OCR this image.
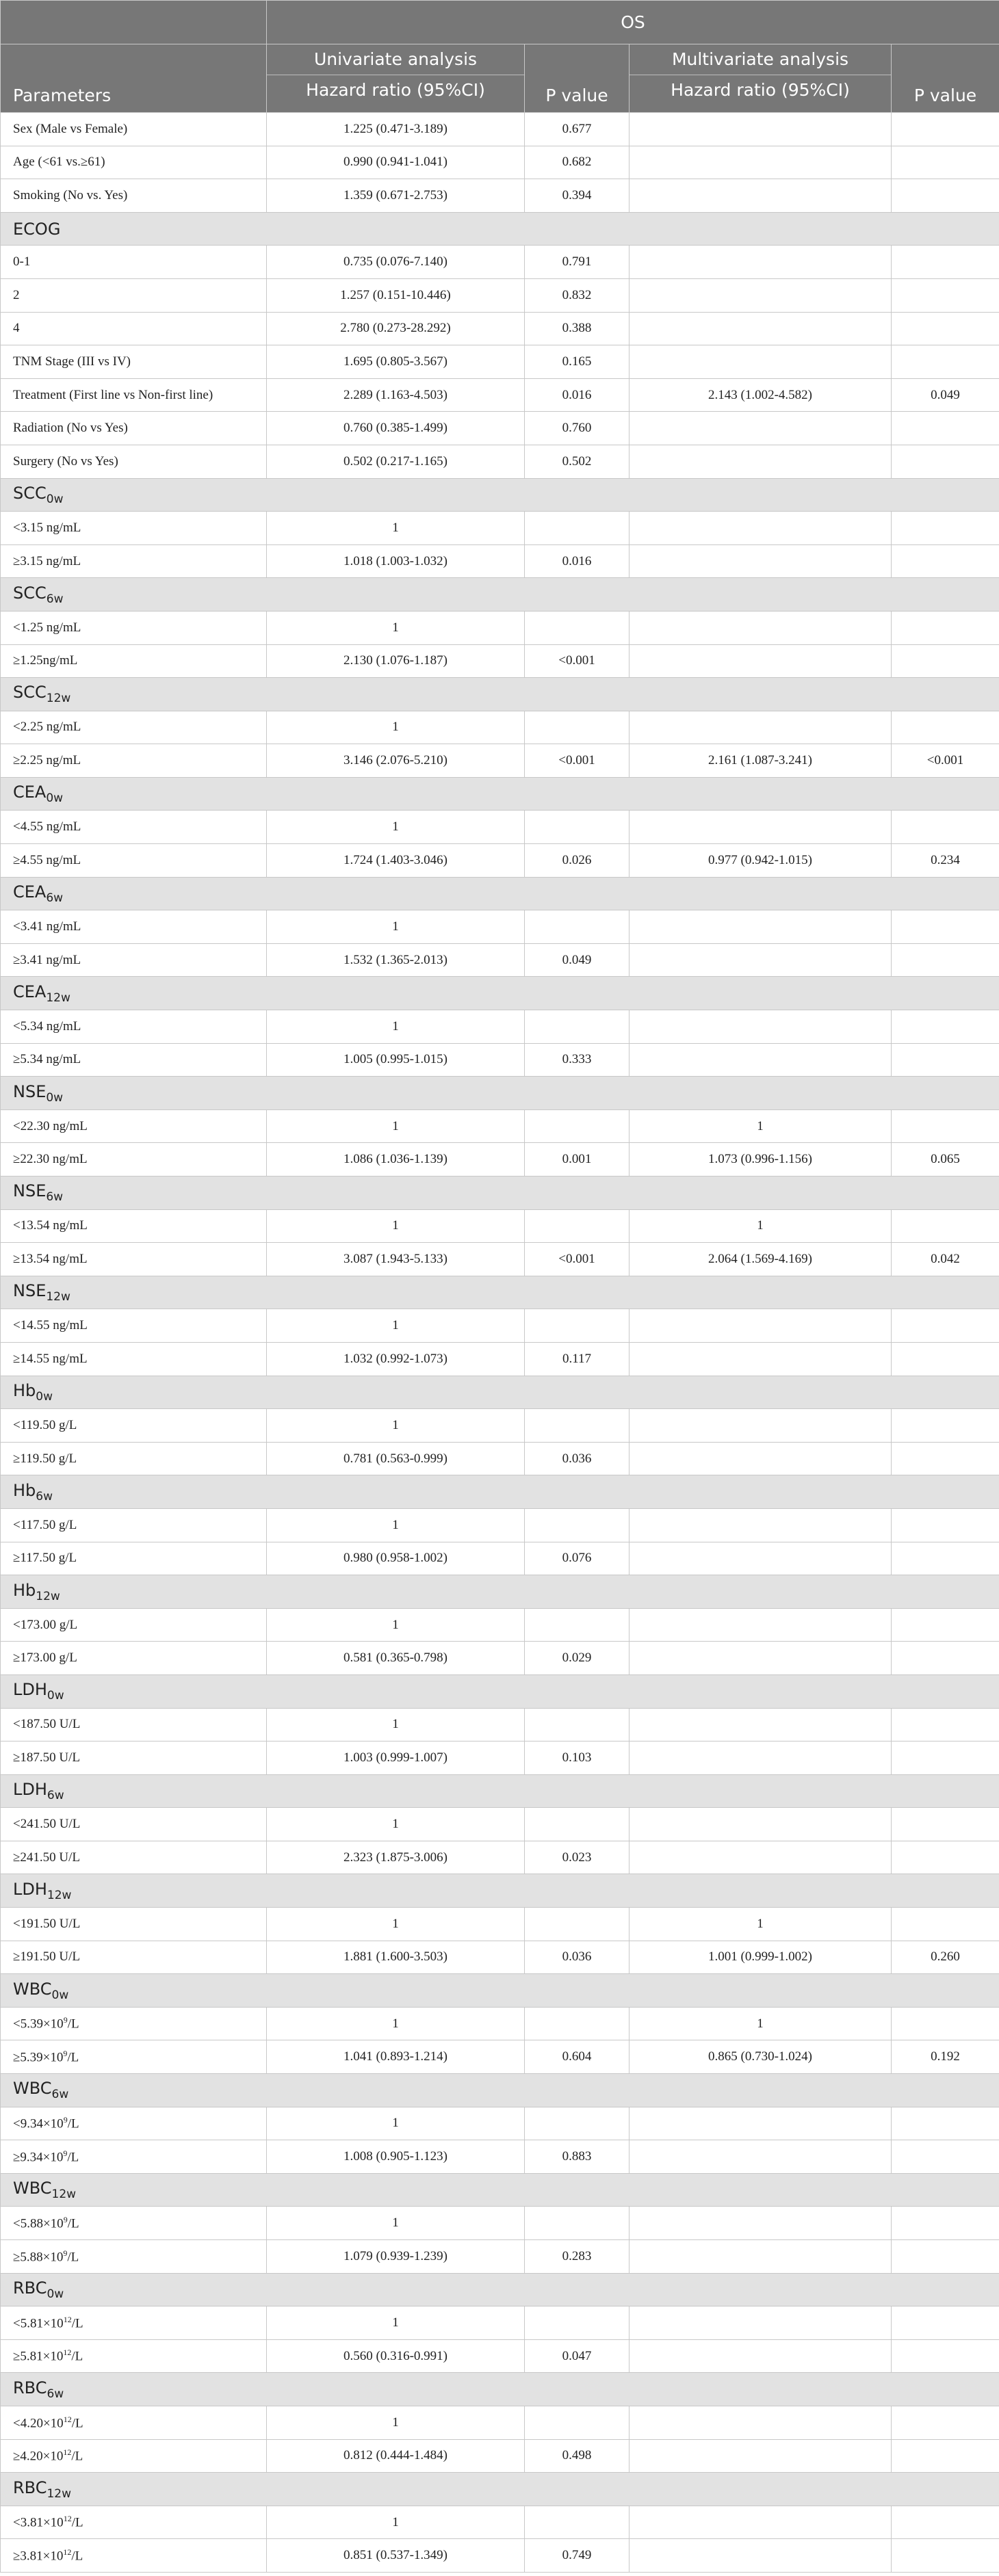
	OS			
Parameters	Univariate analysis
Hazard ratio (95%CI)	P value	Multivariate analysis
Hazard ratio (95%CI)	P value
Sex (Male vs Female)	1.225 (0.471-3.189)	0.677		
Age (<61 vs.≥61)	0.990 (0.941-1.041)	0.682		
Smoking (No vs. Yes)	1.359 (0.671-2.753)	0.394		
ECOG				
0-1	0.735 (0.076-7.140)	0.791		
2	1.257 (0.151-10.446)	0.832		
4	2.780 (0.273-28.292)	0.388		
TNM Stage (III vs IV)	1.695 (0.805-3.567)	0.165		
Treatment (First line vs Non-first line)	2.289 (1.163-4.503)	0.016	2.143 (1.002-4.582)	0.049
Radiation (No vs Yes)	0.760 (0.385-1.499)	0.760		
Surgery (No vs Yes)	0.502 (0.217-1.165)	0.502		
$SCC_{0w}$
<3.15 ng/mL	1			
≥3.15 ng/mL	1.018 (1.003-1.032)	0.016		
$SCC_{6w}$
<1.25 ng/mL	1			
≥1.25ng/mL	2.130 (1.076-1.187)	<0.001		
$SCC_{12w}$
<2.25 ng/mL	1			
≥2.25 ng/mL	3.146 (2.076-5.210)	<0.001	2.161 (1.087-3.241)	<0.001
$CEA_{0w}$
<4.55 ng/mL	1			
≥4.55 ng/mL	1.724 (1.403-3.046)	0.026	0.977 (0.942-1.015)	0.234
$CEA_{6w}$
<3.41 ng/mL	1			
≥3.41 ng/mL	1.532 (1.365-2.013)	0.049		
$CEA_{12w}$
<5.34 ng/mL	1			
≥5.34 ng/mL	1.005 (0.995-1.015)	0.333		
$NSE_{0w}$
<22.30 ng/mL	1		1	
≥22.30 ng/mL	1.086 (1.036-1.139)	0.001	1.073 (0.996-1.156)	0.065
$NSE_{6w}$
<13.54 ng/mL	1		1	
≥13.54 ng/mL	3.087 (1.943-5.133)	<0.001	2.064 (1.569-4.169)	0.042
$NSE_{12w}$
<14.55 ng/mL	1			
≥14.55 ng/mL	1.032 (0.992-1.073)	0.117		
$Hb_{0w}$
<119.50 g/L	1			
≥119.50 g/L	0.781 (0.563-0.999)	0.036		
$Hb_{6w}$
<117.50 g/L	1			
≥117.50 g/L	0.980 (0.958-1.002)	0.076		
$Hb_{12w}$
<173.00 g/L	1			
≥173.00 g/L	0.581 (0.365-0.798)	0.029		
$LDH_{0w}$
<187.50 U/L	1			
≥187.50 U/L	1.003 (0.999-1.007)	0.103		
$LDH_{6w}$
<241.50 U/L	1			
≥241.50 U/L	2.323 (1.875-3.006)	0.023		
$LDH_{12w}$
<191.50 U/L	1		1	
≥191.50 U/L	1.881 (1.600-3.503)	0.036	1.001 (0.999-1.002)	0.260
$WBC_{0w}$
$<5.39\times 10^9/L$	1		1	
$\ge 5.39\times 10^9/L$	1.041 (0.893-1.214)	0.604	0.865 (0.730-1.024)	0.192
$WBC_{6w}$
$<9.34\times 10^9/L$	1			
$\ge 9.34\times 10^9/L$	1.008 (0.905-1.123)	0.883		
$WBC_{12w}$
$<5.88\times 10^9/L$	1			
$\ge 5.88\times 10^9/L$	1.079 (0.939-1.239)	0.283		
$RBC_{0w}$
$<5.81\times 10^{12}/L$	1			
$\ge 5.81\times 10^{12}/L$	0.560 (0.316-0.991)	0.047		
$RBC_{6w}$
$<4.20\times 10^{12}/L$	1			
$\ge 4.20\times 10^{12}/L$	0.812 (0.444-1.484)	0.498		
$RBC_{12w}$
$<3.81\times 10^{12}/L$	1			
$\ge 3.81\times 10^{12}/L$	0.851 (0.537-1.349)	0.749		
